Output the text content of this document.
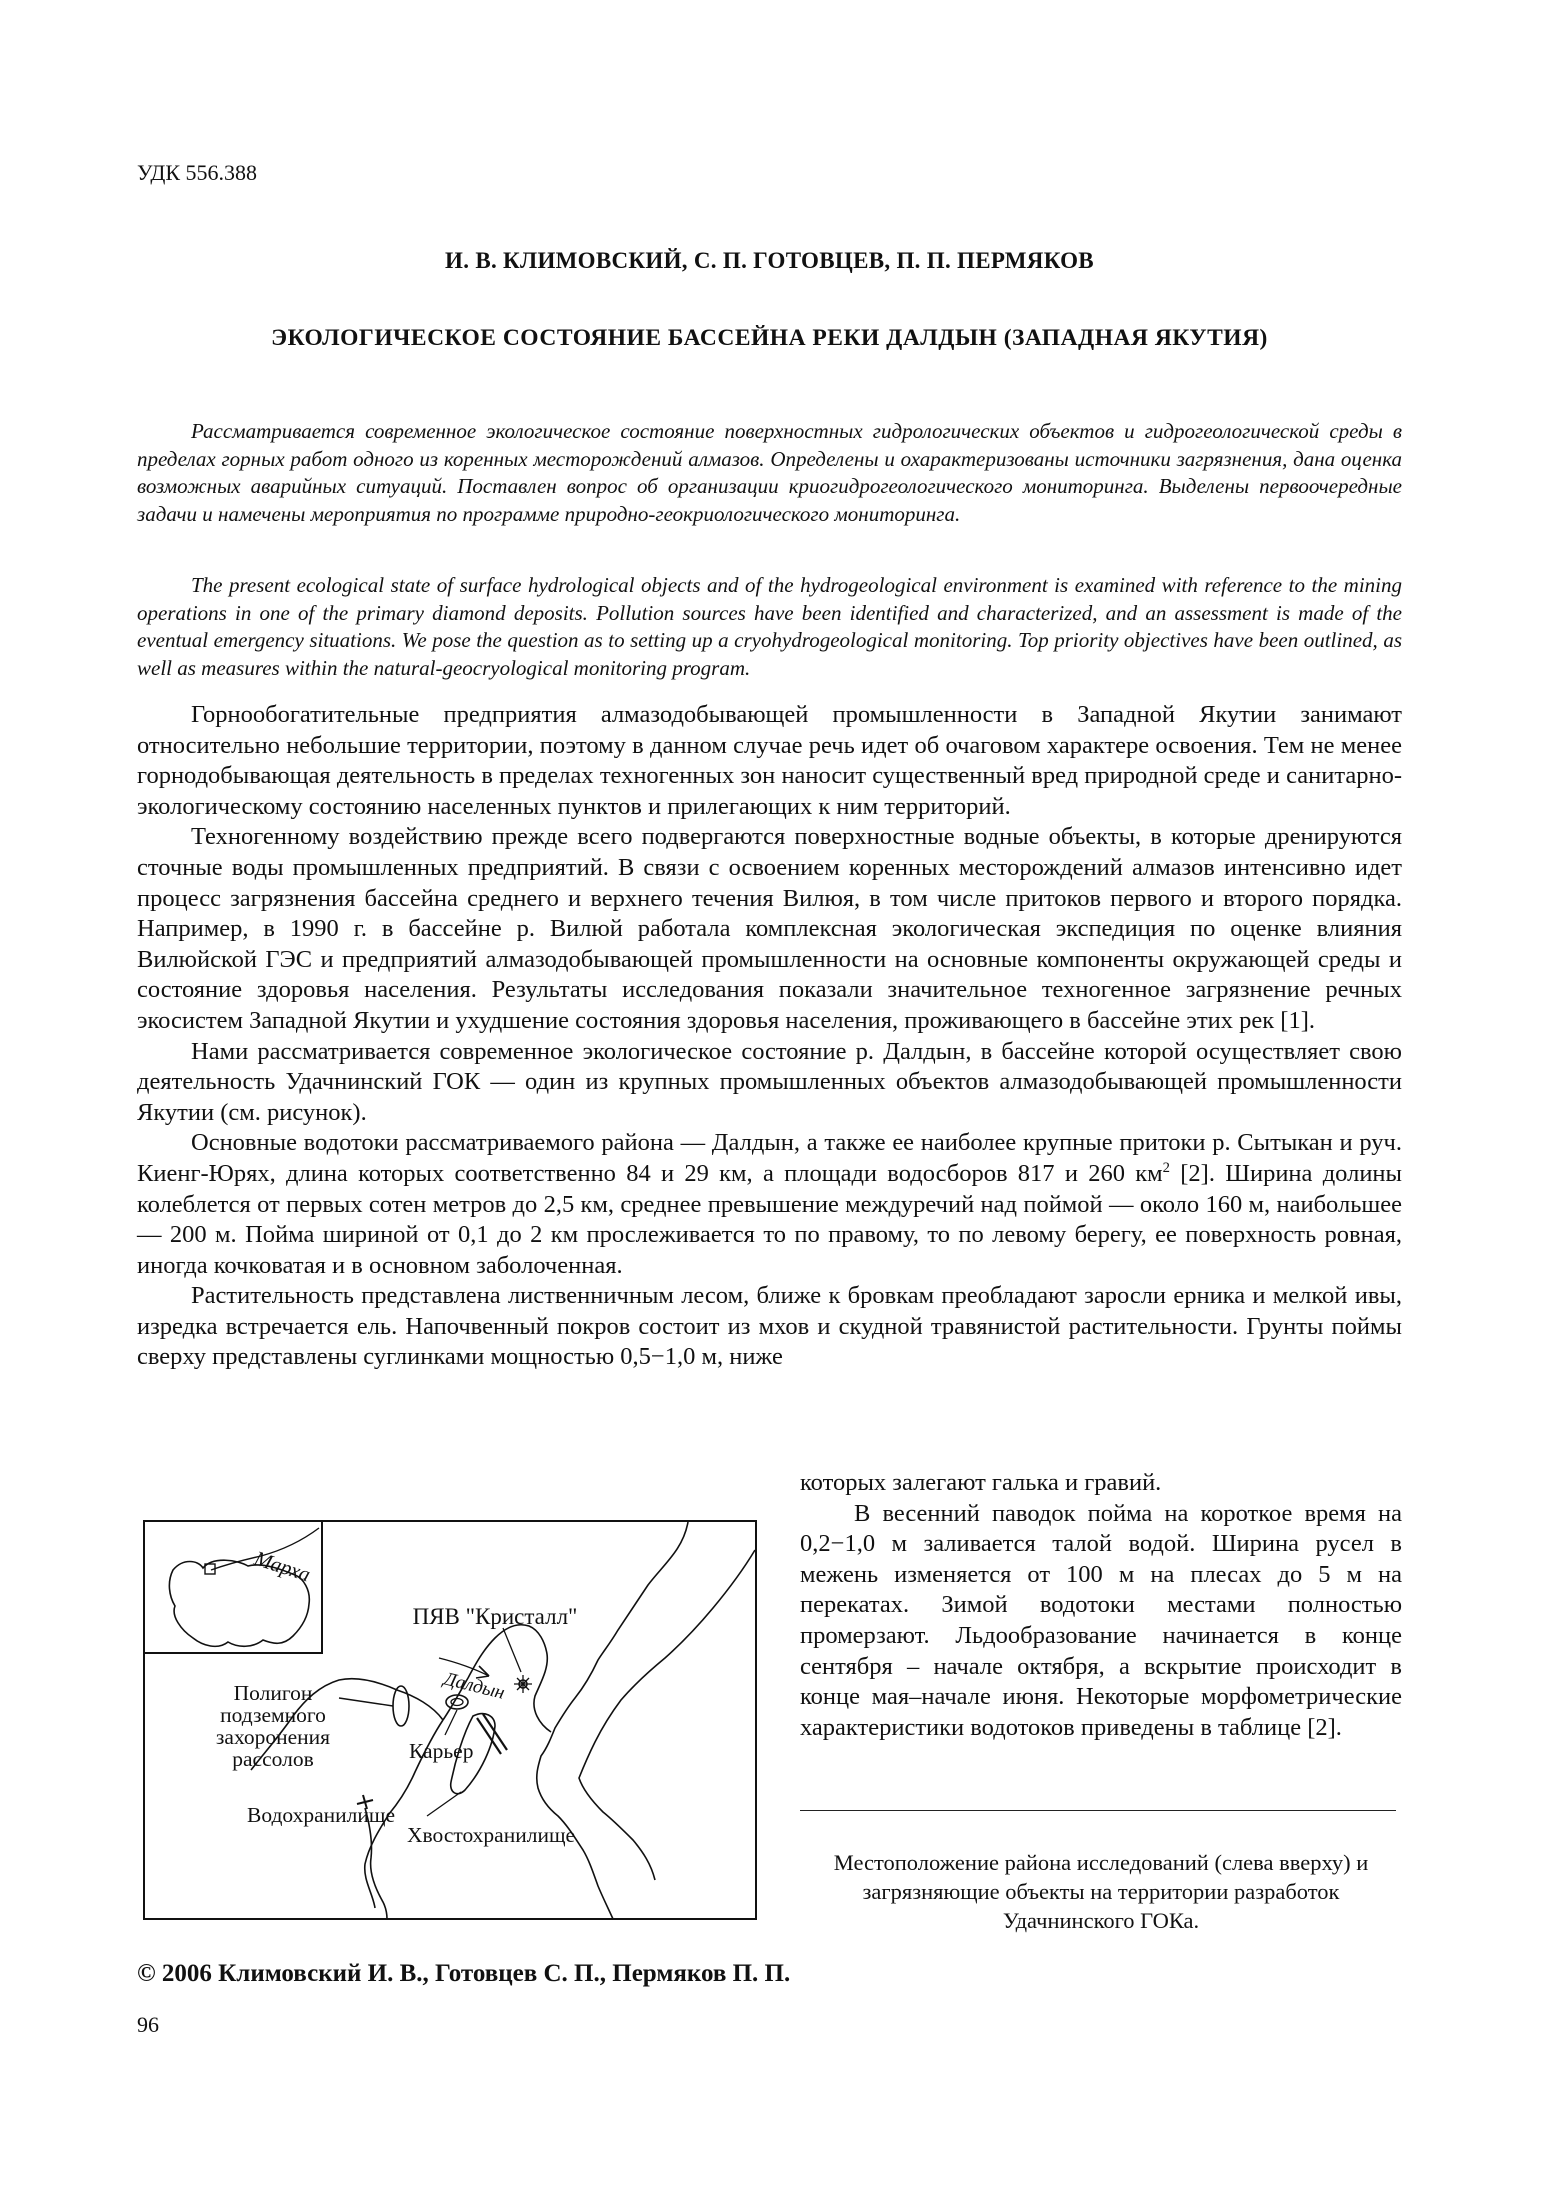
УДК 556.388
И. В. КЛИМОВСКИЙ, С. П. ГОТОВЦЕВ, П. П. ПЕРМЯКОВ
ЭКОЛОГИЧЕСКОЕ СОСТОЯНИЕ БАССЕЙНА РЕКИ ДАЛДЫН (ЗАПАДНАЯ ЯКУТИЯ)

Рассматривается современное экологическое состояние поверхностных гидрологических объектов и гидрогеологической среды в пределах горных работ одного из коренных месторождений алмазов. Определены и охарактеризованы источники загрязнения, дана оценка возможных аварийных ситуаций. Поставлен вопрос об организации криогидрогеологического мониторинга. Выделены первоочередные задачи и намечены мероприятия по программе природно-геокриологического мониторинга.

The present ecological state of surface hydrological objects and of the hydrogeological environment is examined with reference to the mining operations in one of the primary diamond deposits. Pollution sources have been identified and characterized, and an assessment is made of the eventual emergency situations. We pose the question as to setting up a cryohydrogeological monitoring. Top priority objectives have been outlined, as well as measures within the natural-geocryological monitoring program.

Горнообогатительные предприятия алмазодобывающей промышленности в Западной Якутии занимают относительно небольшие территории, поэтому в данном случае речь идет об очаговом характере освоения. Тем не менее горнодобывающая деятельность в пределах техногенных зон наносит существенный вред природной среде и санитарно-экологическому состоянию населенных пунктов и прилегающих к ним территорий.

Техногенному воздействию прежде всего подвергаются поверхностные водные объекты, в которые дренируются сточные воды промышленных предприятий. В связи с освоением коренных месторождений алмазов интенсивно идет процесс загрязнения бассейна среднего и верхнего течения Вилюя, в том числе притоков первого и второго порядка. Например, в 1990 г. в бассейне р. Вилюй работала комплексная экологическая экспедиция по оценке влияния Вилюйской ГЭС и предприятий алмазодобывающей промышленности на основные компоненты окружающей среды и состояние здоровья населения. Результаты исследования показали значительное техногенное загрязнение речных экосистем Западной Якутии и ухудшение состояния здоровья населения, проживающего в бассейне этих рек [1].

Нами рассматривается современное экологическое состояние р. Далдын, в бассейне которой осуществляет свою деятельность Удачнинский ГОК — один из крупных промышленных объектов алмазодобывающей промышленности Якутии (см. рисунок).

Основные водотоки рассматриваемого района — Далдын, а также ее наиболее крупные притоки р. Сытыкан и руч. Киенг-Юрях, длина которых соответственно 84 и 29 км, а площади водосборов 817 и 260 $км^2$ [2]. Ширина долины колеблется от первых сотен метров до 2,5 км, среднее превышение междуречий над поймой — около 160 м, наибольшее — 200 м. Пойма шириной от 0,1 до 2 км прослеживается то по правому, то по левому берегу, ее поверхность ровная, иногда кочковатая и в основном заболоченная.

Растительность представлена лиственничным лесом, ближе к бровкам преобладают заросли ерника и мелкой ивы, изредка встречается ель. Напочвенный покров состоит из мхов и скудной травянистой растительности. Грунты поймы сверху представлены суглинками мощностью 0,5−1,0 м, ниже

которых залегают галька и гравий.

В весенний паводок пойма на короткое время на 0,2−1,0 м заливается талой водой. Ширина русел в межень изменяется от 100 м на плесах до 5 м на перекатах. Зимой водотоки местами полностью промерзают. Льдообразование начинается в конце сентября – начале октября, а вскрытие происходит в конце мая–начале июня. Некоторые морфометрические характеристики водотоков приведены в таблице [2].

Марха
ПЯВ "Кристалл"
Далдын
Полигон
подземного
захоронения
рассолов	Карьер
Водохранилище
Хвостохранилище
Местоположение района исследований (слева вверху) и загрязняющие объекты на территории разработок Удачнинского ГОКа.
© 2006 Климовский И. В., Готовцев С. П., Пермяков П. П.
96
